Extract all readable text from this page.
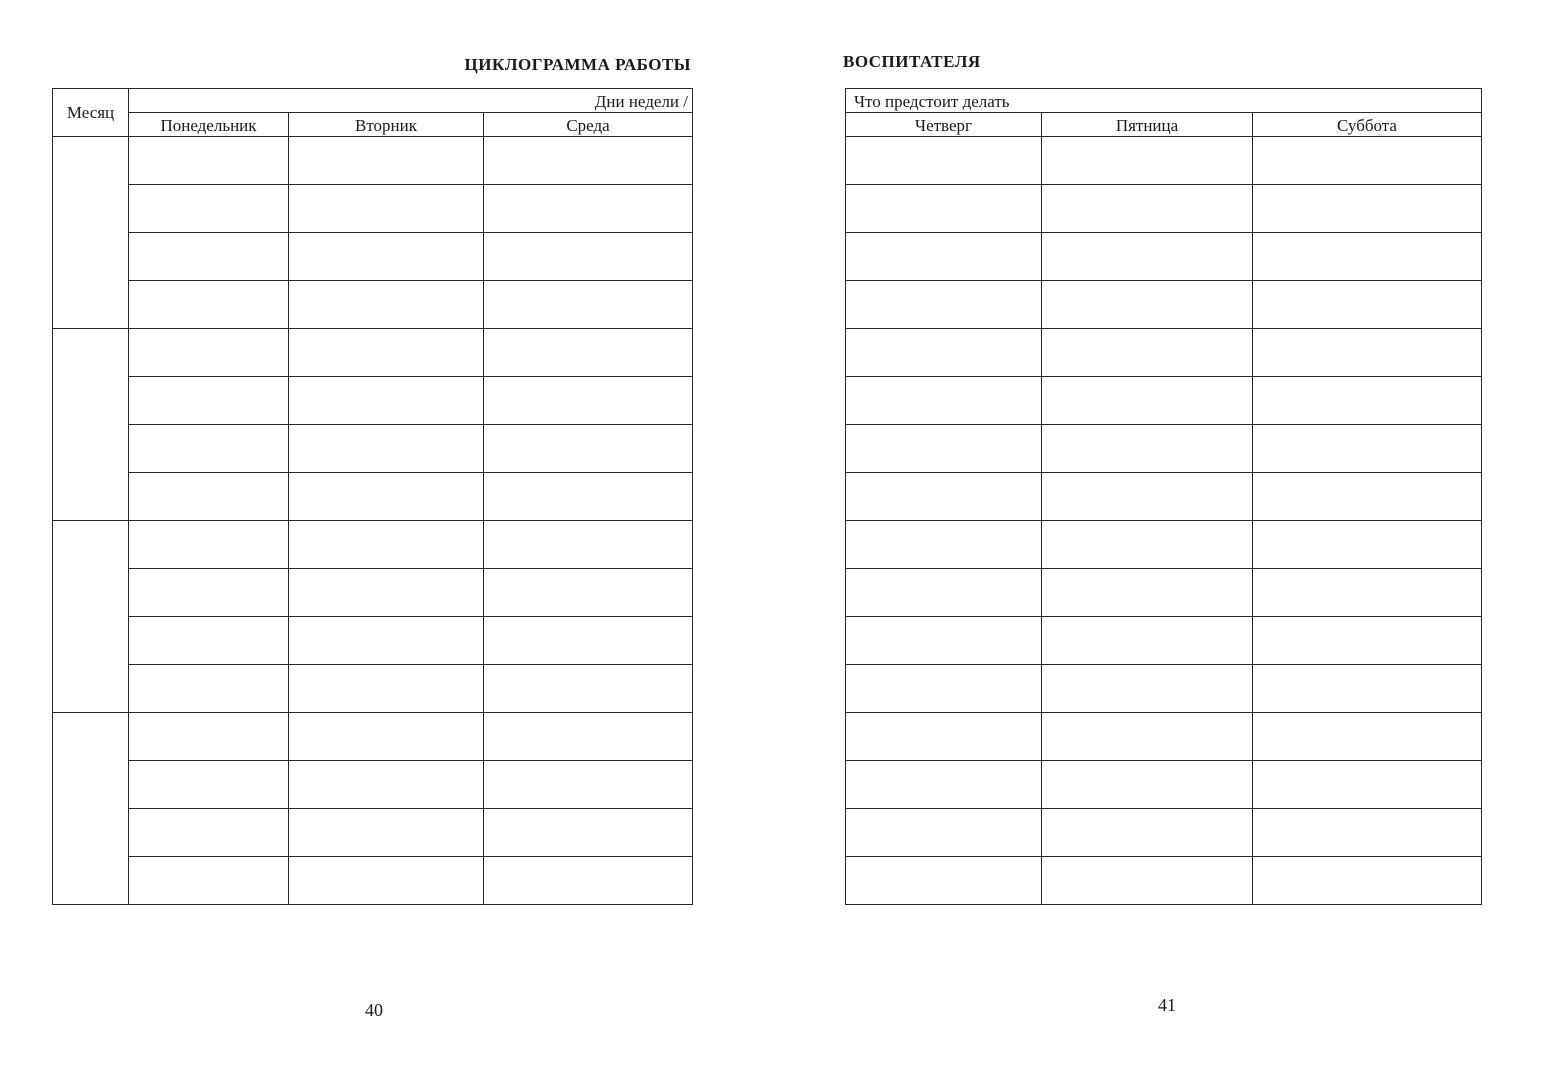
ЦИКЛОГРАММА РАБОТЫ
Месяц	Дни недели /		
	Понедельник	Вторник	Среда

40
ВОСПИТАТЕЛЯ
Что предстоит делать		
Четверг	Пятница	Суббота

41
